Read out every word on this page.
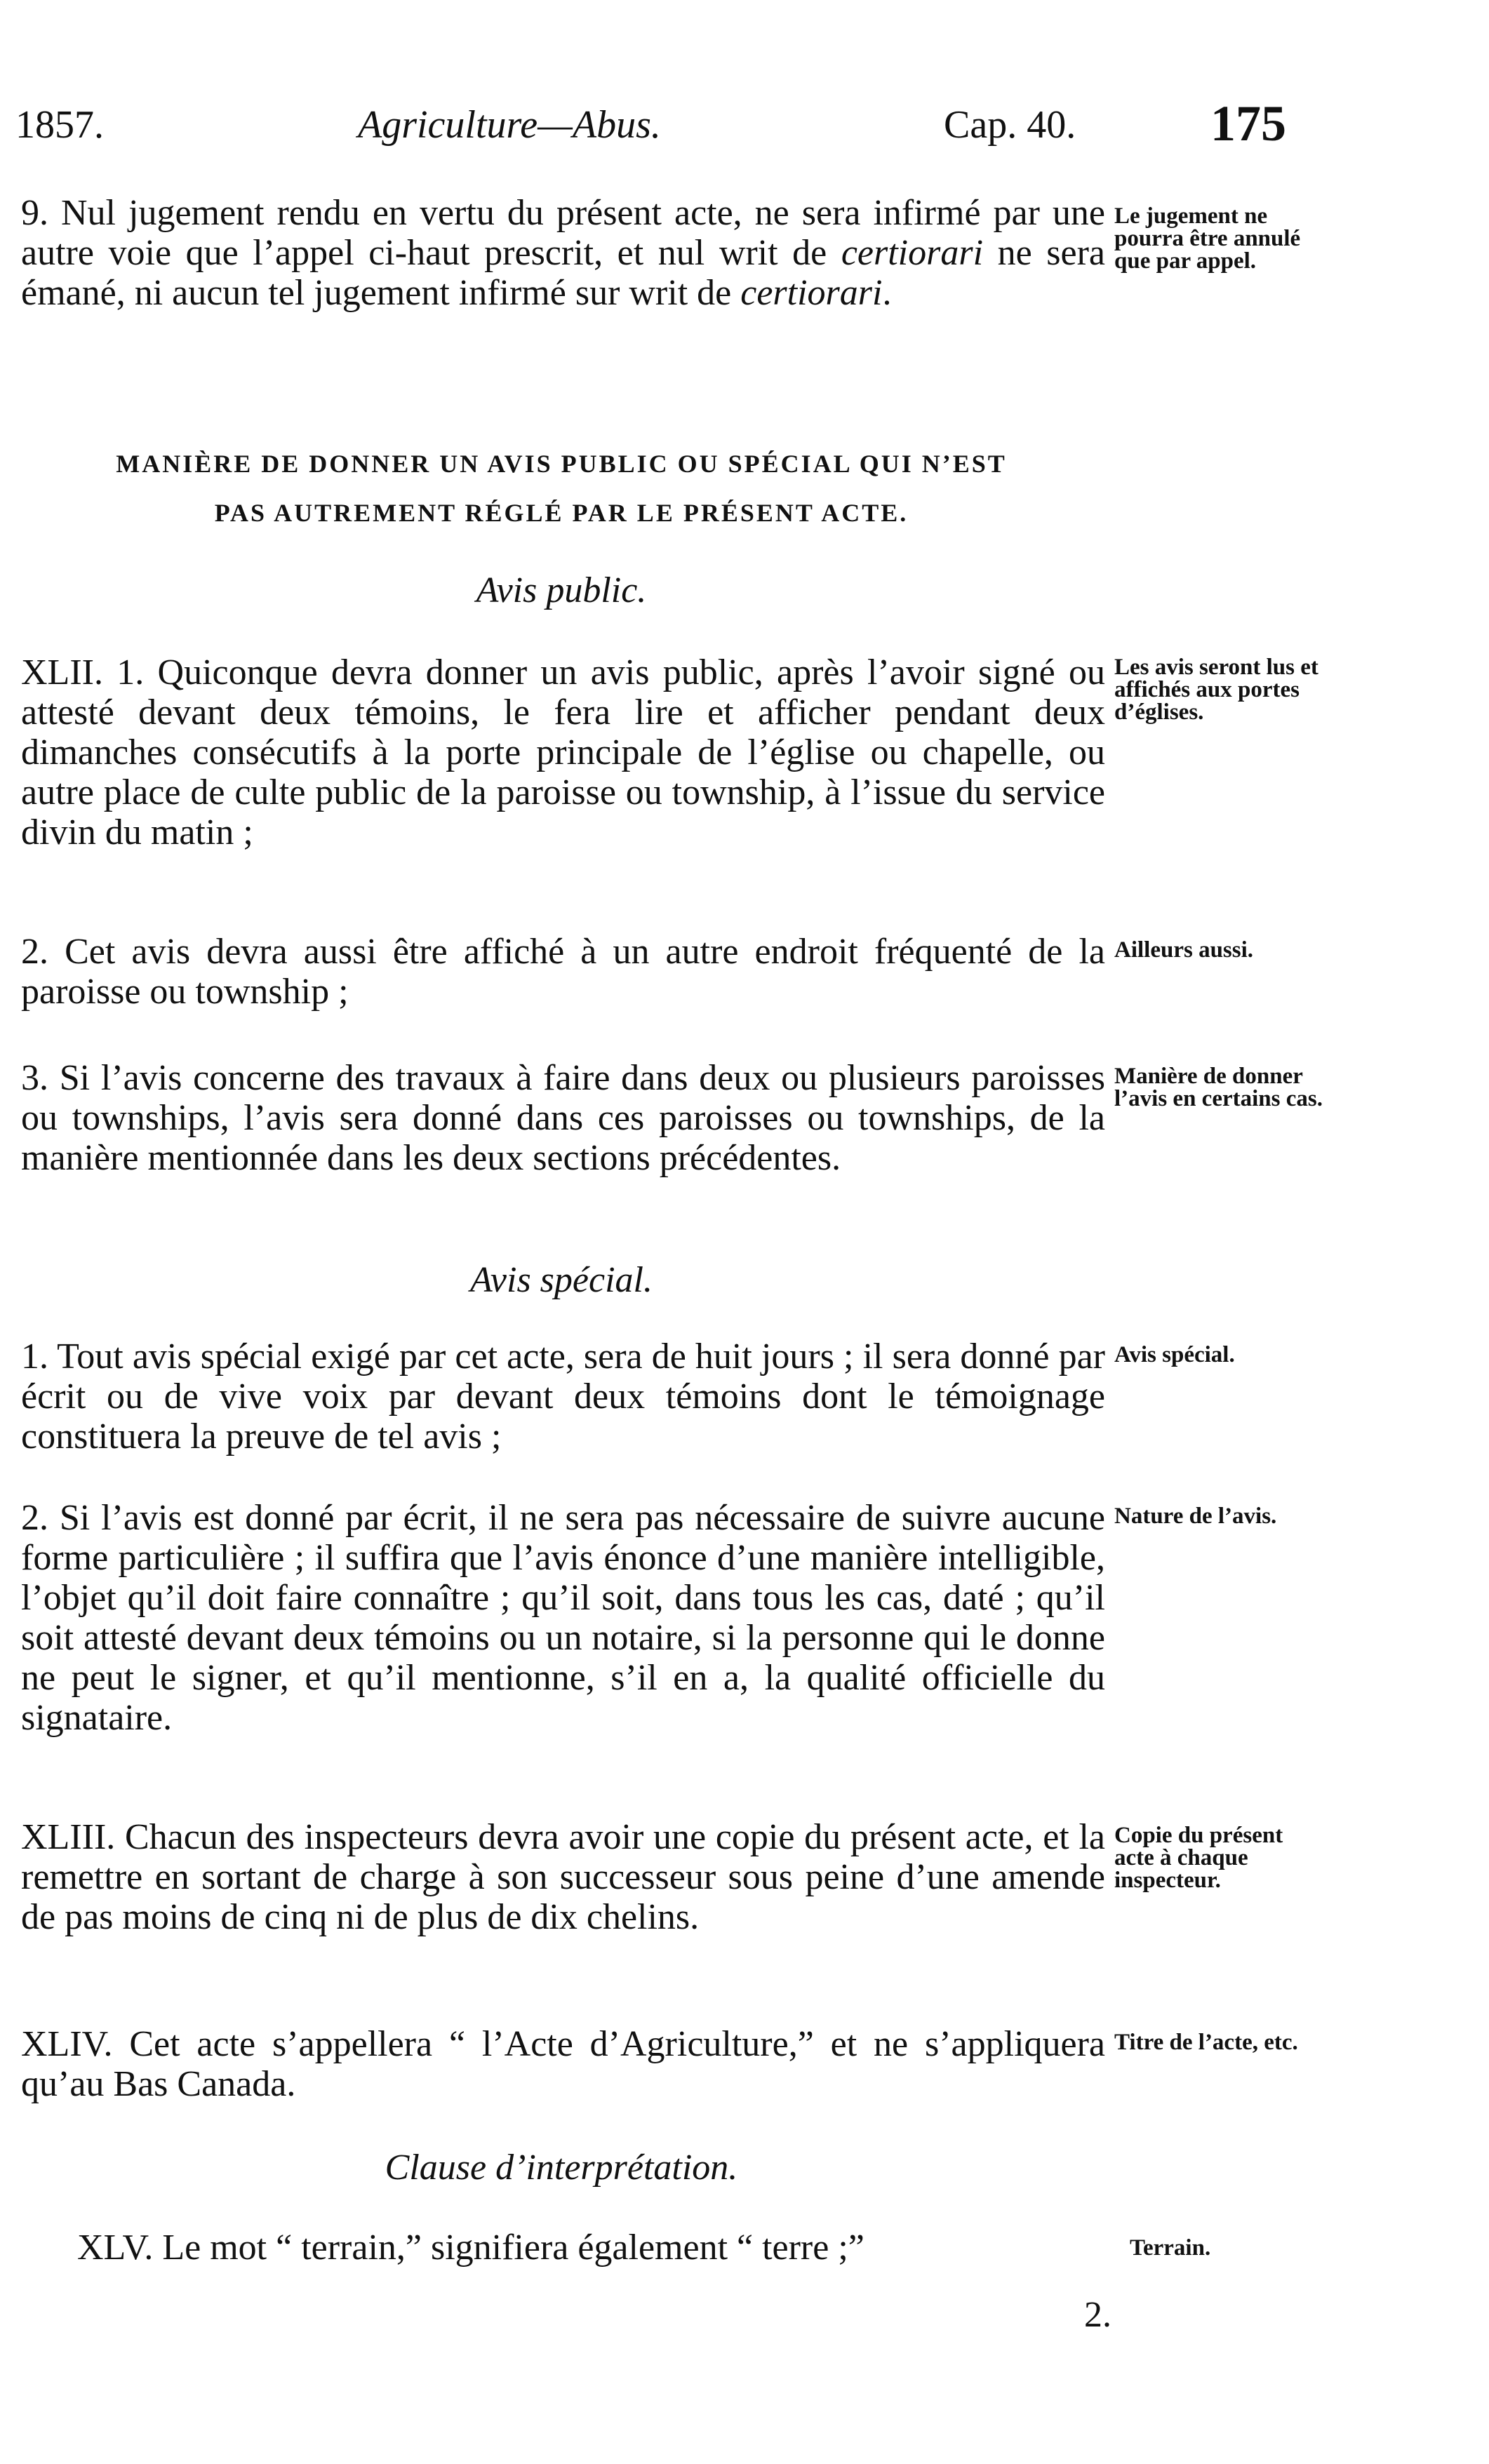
1857.	Agriculture—Abus.	Cap. 40.	175

9. Nul jugement rendu en vertu du présent acte, ne sera infirmé par une autre voie que l’appel ci-haut prescrit, et nul writ de certiorari ne sera émané, ni aucun tel jugement infirmé sur writ de certiorari.

Le jugement ne pourra être annulé que par appel.
MANIÈRE DE DONNER UN AVIS PUBLIC OU SPÉCIAL QUI N’EST
PAS AUTREMENT RÉGLÉ PAR LE PRÉSENT ACTE.
Avis public.

XLII. 1. Quiconque devra donner un avis public, après l’avoir signé ou attesté devant deux témoins, le fera lire et afficher pendant deux dimanches consécutifs à la porte principale de l’église ou chapelle, ou autre place de culte public de la paroisse ou township, à l’issue du service divin du matin ;

Les avis seront lus et affichés aux portes d’églises.

2. Cet avis devra aussi être affiché à un autre endroit fréquenté de la paroisse ou township ;

Ailleurs aussi.

3. Si l’avis concerne des travaux à faire dans deux ou plusieurs paroisses ou townships, l’avis sera donné dans ces paroisses ou townships, de la manière mentionnée dans les deux sections précédentes.

Manière de donner l’avis en certains cas.
Avis spécial.

1. Tout avis spécial exigé par cet acte, sera de huit jours ; il sera donné par écrit ou de vive voix par devant deux témoins dont le témoignage constituera la preuve de tel avis ;

Avis spécial.

2. Si l’avis est donné par écrit, il ne sera pas nécessaire de suivre aucune forme particulière ; il suffira que l’avis énonce d’une manière intelligible, l’objet qu’il doit faire connaître ; qu’il soit, dans tous les cas, daté ; qu’il soit attesté devant deux témoins ou un notaire, si la personne qui le donne ne peut le signer, et qu’il mentionne, s’il en a, la qualité officielle du signataire.

Nature de l’avis.

XLIII. Chacun des inspecteurs devra avoir une copie du présent acte, et la remettre en sortant de charge à son successeur sous peine d’une amende de pas moins de cinq ni de plus de dix chelins.

Copie du présent acte à chaque inspecteur.

XLIV. Cet acte s’appellera “ l’Acte d’Agriculture,” et ne s’appliquera qu’au Bas Canada.

Titre de l’acte, etc.
Clause d’interprétation.

XLV. Le mot “ terrain,” signifiera également “ terre ;”	Terrain.
2.
